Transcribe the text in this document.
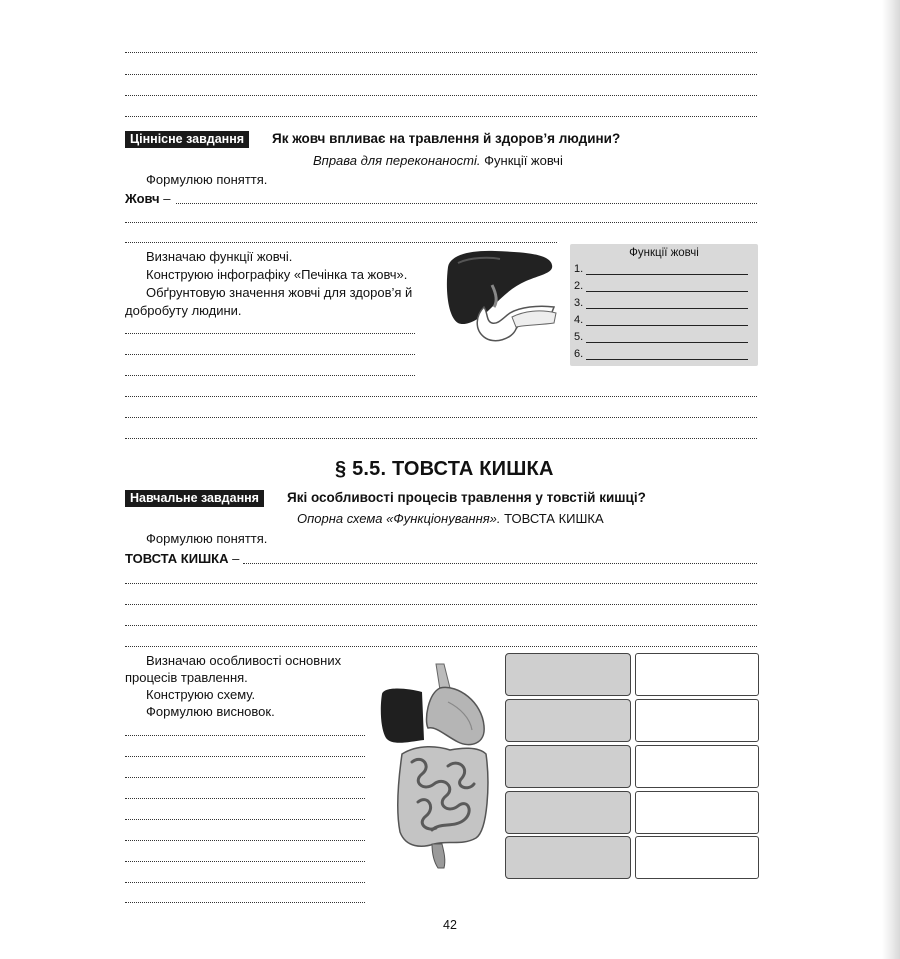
Ціннісне завдання	Як жовч впливає на травлення й здоров’я людини?
Вправа для переконаності. Функції жовчі
Формулюю поняття.
Жовч –
Визначаю функції жовчі.
Конструюю інфографіку «Печінка та жовч».
Обґрунтовую значення жовчі для здоров’я й
добробуту людини.
Функції жовчі
1.
2.
3.
4.
5.
6.
§ 5.5. ТОВСТА КИШКА
Навчальне завдання	Які особливості процесів травлення у товстій кишці?
Опорна схема «Функціонування». ТОВСТА КИШКА
Формулюю поняття.
ТОВСТА КИШКА –
Визначаю особливості основних
процесів травлення.
Конструюю схему.
Формулюю висновок.
42
